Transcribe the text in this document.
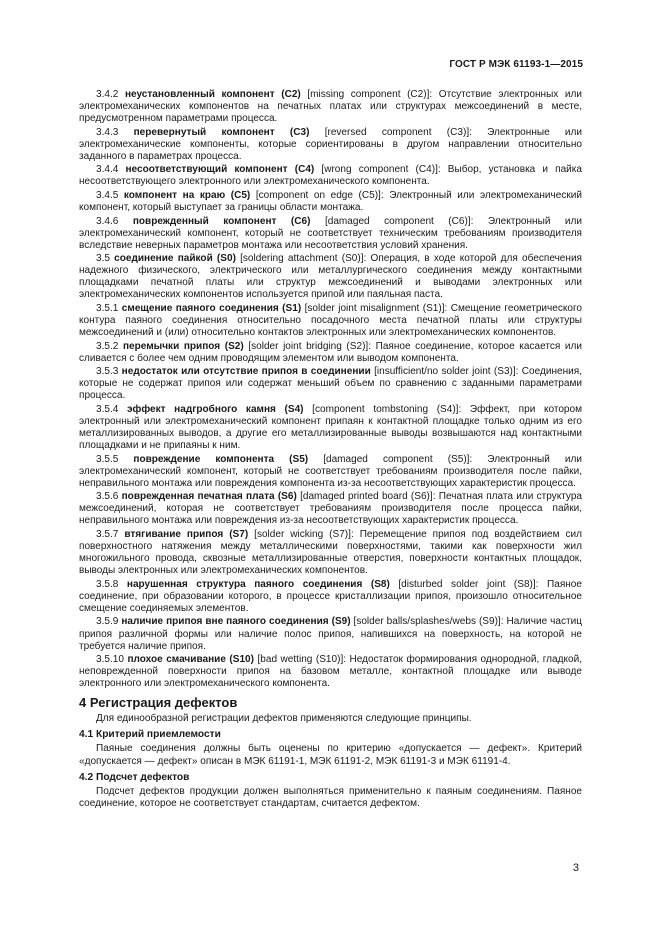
ГОСТ Р МЭК 61193-1—2015

3.4.2 неустановленный компонент (C2) [missing component (C2)]: Отсутствие электронных или электромеханических компонентов на печатных платах или структурах межсоединений в месте, предусмотренном параметрами процесса.

3.4.3 перевернутый компонент (C3) [reversed component (C3)]: Электронные или электромеханические компоненты, которые сориентированы в другом направлении относительно заданного в параметрах процесса.

3.4.4 несоответствующий компонент (C4) [wrong component (C4)]: Выбор, установка и пайка несоответствующего электронного или электромеханического компонента.

3.4.5 компонент на краю (C5) [component on edge (C5)]: Электронный или электромеханический компонент, который выступает за границы области монтажа.

3.4.6 поврежденный компонент (C6) [damaged component (C6)]: Электронный или электромеханический компонент, который не соответствует техническим требованиям производителя вследствие неверных параметров монтажа или несоответствия условий хранения.

3.5 соединение пайкой (S0) [soldering attachment (S0)]: Операция, в ходе которой для обеспечения надежного физического, электрического или металлургического соединения между контактными площадками печатной платы или структур межсоединений и выводами электронных или электромеханических компонентов используется припой или паяльная паста.

3.5.1 смещение паяного соединения (S1) [solder joint misalignment (S1)]: Смещение геометрического контура паяного соединения относительно посадочного места печатной платы или структуры межсоединений и (или) относительно контактов электронных или электромеханических компонентов.

3.5.2 перемычки припоя (S2) [solder joint bridging (S2)]: Паяное соединение, которое касается или сливается с более чем одним проводящим элементом или выводом компонента.

3.5.3 недостаток или отсутствие припоя в соединении [insufficient/no solder joint (S3)]: Соединения, которые не содержат припоя или содержат меньший объем по сравнению с заданными параметрами процесса.

3.5.4 эффект надгробного камня (S4) [component tombstoning (S4)]: Эффект, при котором электронный или электромеханический компонент припаян к контактной площадке только одним из его металлизированных выводов, а другие его металлизированные выводы возвышаются над контактными площадками и не припаяны к ним.

3.5.5 повреждение компонента (S5) [damaged component (S5)]: Электронный или электромеханический компонент, который не соответствует требованиям производителя после пайки, неправильного монтажа или повреждения компонента из-за несоответствующих характеристик процесса.

3.5.6 поврежденная печатная плата (S6) [damaged printed board (S6)]: Печатная плата или структура межсоединений, которая не соответствует требованиям производителя после процесса пайки, неправильного монтажа или повреждения из-за несоответствующих характеристик процесса.

3.5.7 втягивание припоя (S7) [solder wicking (S7)]: Перемещение припоя под воздействием сил поверхностного натяжения между металлическими поверхностями, такими как поверхности жил многожильного провода, сквозные металлизированные отверстия, поверхности контактных площадок, выводы электронных или электромеханических компонентов.

3.5.8 нарушенная структура паяного соединения (S8) [disturbed solder joint (S8)]: Паяное соединение, при образовании которого, в процессе кристаллизации припоя, произошло относительное смещение соединяемых элементов.

3.5.9 наличие припоя вне паяного соединения (S9) [solder balls/splashes/webs (S9)]: Наличие частиц припоя различной формы или наличие полос припоя, напившихся на поверхность, на которой не требуется наличие припоя.

3.5.10 плохое смачивание (S10) [bad wetting (S10)]: Недостаток формирования однородной, гладкой, неповрежденной поверхности припоя на базовом металле, контактной площадке или выводе электронного или электромеханического компонента.

4 Регистрация дефектов

Для единообразной регистрации дефектов применяются следующие принципы.

4.1 Критерий приемлемости

Паяные соединения должны быть оценены по критерию «допускается — дефект». Критерий «допускается — дефект» описан в МЭК 61191-1, МЭК 61191-2, МЭК 61191-3 и МЭК 61191-4.

4.2 Подсчет дефектов

Подсчет дефектов продукции должен выполняться применительно к паяным соединениям. Паяное соединение, которое не соответствует стандартам, считается дефектом.

3
